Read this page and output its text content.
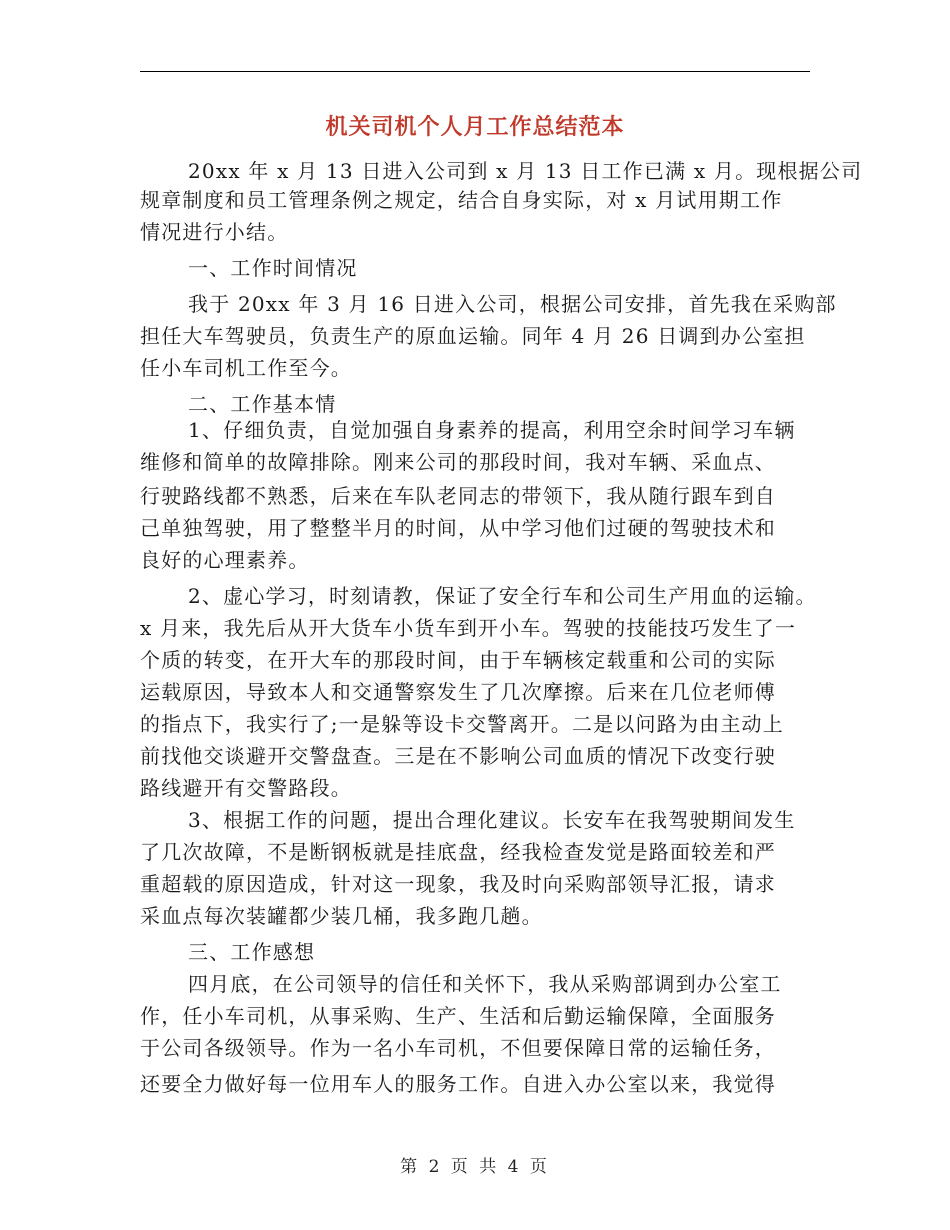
机关司机个人月工作总结范本
20xx 年 x 月 13 日进入公司到 x 月 13 日工作已满 x 月。现根据公司
规章制度和员工管理条例之规定，结合自身实际，对 x 月试用期工作
情况进行小结。
一、工作时间情况
我于 20xx 年 3 月 16 日进入公司，根据公司安排，首先我在采购部
担任大车驾驶员，负责生产的原血运输。同年 4 月 26 日调到办公室担
任小车司机工作至今。
二、工作基本情
1、仔细负责，自觉加强自身素养的提高，利用空余时间学习车辆
维修和简单的故障排除。刚来公司的那段时间，我对车辆、采血点、
行驶路线都不熟悉，后来在车队老同志的带领下，我从随行跟车到自
己单独驾驶，用了整整半月的时间，从中学习他们过硬的驾驶技术和
良好的心理素养。
2、虚心学习，时刻请教，保证了安全行车和公司生产用血的运输。
x 月来，我先后从开大货车小货车到开小车。驾驶的技能技巧发生了一
个质的转变，在开大车的那段时间，由于车辆核定载重和公司的实际
运载原因，导致本人和交通警察发生了几次摩擦。后来在几位老师傅
的指点下，我实行了;一是躲等设卡交警离开。二是以问路为由主动上
前找他交谈避开交警盘查。三是在不影响公司血质的情况下改变行驶
路线避开有交警路段。
3、根据工作的问题，提出合理化建议。长安车在我驾驶期间发生
了几次故障，不是断钢板就是挂底盘，经我检查发觉是路面较差和严
重超载的原因造成，针对这一现象，我及时向采购部领导汇报，请求
采血点每次装罐都少装几桶，我多跑几趟。
三、工作感想
四月底，在公司领导的信任和关怀下，我从采购部调到办公室工
作，任小车司机，从事采购、生产、生活和后勤运输保障，全面服务
于公司各级领导。作为一名小车司机，不但要保障日常的运输任务，
还要全力做好每一位用车人的服务工作。自进入办公室以来，我觉得
第 2 页 共 4 页
